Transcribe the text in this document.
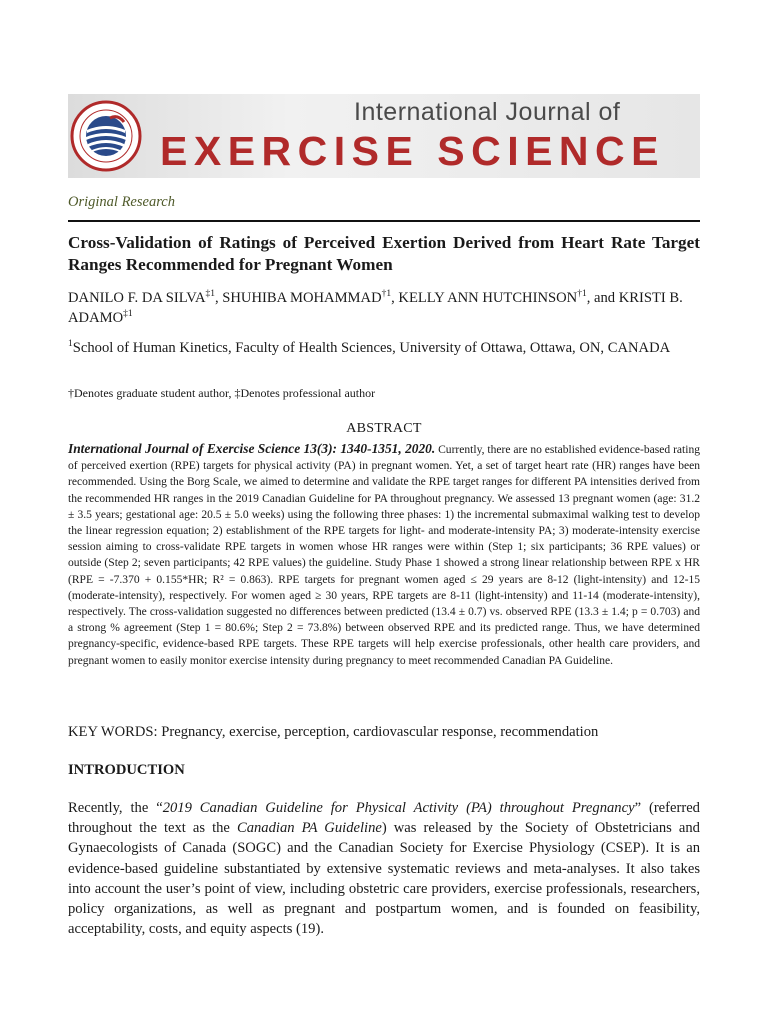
International Journal of
EXERCISE SCIENCE
Original Research
Cross-Validation of Ratings of Perceived Exertion Derived from Heart Rate Target Ranges Recommended for Pregnant Women
DANILO F. DA SILVA$^{\ddagger 1}$, SHUHIBA MOHAMMAD$^{\dagger 1}$, KELLY ANN HUTCHINSON$^{\dagger 1}$, and KRISTI B. ADAMO$^{\ddagger 1}$
$^1$School of Human Kinetics, Faculty of Health Sciences, University of Ottawa, Ottawa, ON, CANADA
†Denotes graduate student author, ‡Denotes professional author
ABSTRACT
International Journal of Exercise Science 13(3): 1340-1351, 2020. Currently, there are no established evidence-based rating of perceived exertion (RPE) targets for physical activity (PA) in pregnant women. Yet, a set of target heart rate (HR) ranges have been recommended. Using the Borg Scale, we aimed to determine and validate the RPE target ranges for different PA intensities derived from the recommended HR ranges in the 2019 Canadian Guideline for PA throughout pregnancy. We assessed 13 pregnant women (age: 31.2 ± 3.5 years; gestational age: 20.5 ± 5.0 weeks) using the following three phases: 1) the incremental submaximal walking test to develop the linear regression equation; 2) establishment of the RPE targets for light- and moderate-intensity PA; 3) moderate-intensity exercise session aiming to cross-validate RPE targets in women whose HR ranges were within (Step 1; six participants; 36 RPE values) or outside (Step 2; seven participants; 42 RPE values) the guideline. Study Phase 1 showed a strong linear relationship between RPE x HR (RPE = -7.370 + 0.155*HR; R² = 0.863). RPE targets for pregnant women aged ≤ 29 years are 8-12 (light-intensity) and 12-15 (moderate-intensity), respectively. For women aged ≥ 30 years, RPE targets are 8-11 (light-intensity) and 11-14 (moderate-intensity), respectively. The cross-validation suggested no differences between predicted (13.4 ± 0.7) vs. observed RPE (13.3 ± 1.4; p = 0.703) and a strong % agreement (Step 1 = 80.6%; Step 2 = 73.8%) between observed RPE and its predicted range. Thus, we have determined pregnancy-specific, evidence-based RPE targets. These RPE targets will help exercise professionals, other health care providers, and pregnant women to easily monitor exercise intensity during pregnancy to meet recommended Canadian PA Guideline.
KEY WORDS: Pregnancy, exercise, perception, cardiovascular response, recommendation
INTRODUCTION
Recently, the “2019 Canadian Guideline for Physical Activity (PA) throughout Pregnancy” (referred throughout the text as the Canadian PA Guideline) was released by the Society of Obstetricians and Gynaecologists of Canada (SOGC) and the Canadian Society for Exercise Physiology (CSEP). It is an evidence-based guideline substantiated by extensive systematic reviews and meta-analyses. It also takes into account the user’s point of view, including obstetric care providers, exercise professionals, researchers, policy organizations, as well as pregnant and postpartum women, and is founded on feasibility, acceptability, costs, and equity aspects (19).
